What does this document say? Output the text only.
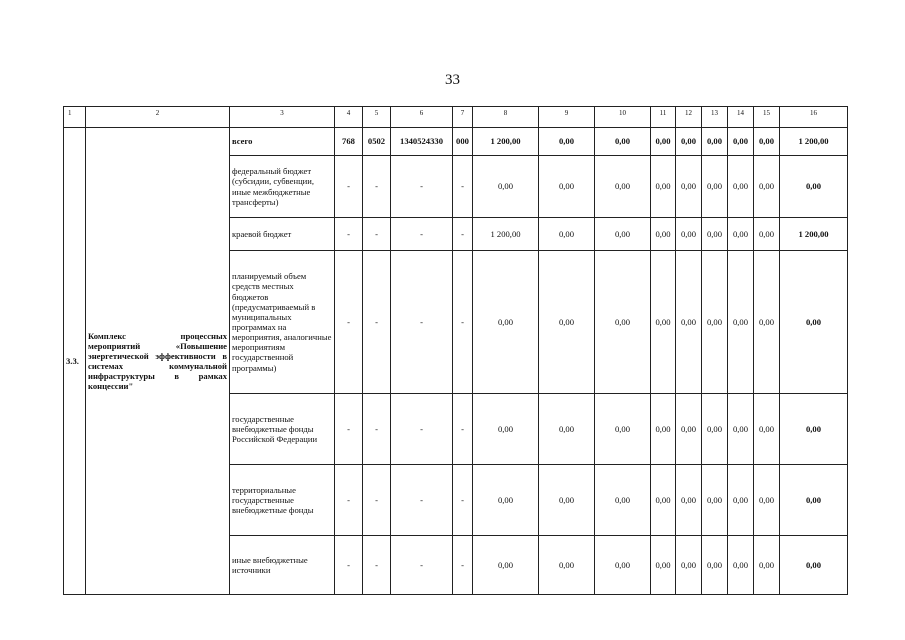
33
1	2	3	4	5	6	7	8	9	10	11	12	13	14	15	16
3.3.	Комплекс процессных мероприятий «Повышение энергетической эффективности в системах коммунальной инфраструктуры в рамках концессии"	всего	768	0502	1340524330	000	1 200,00	0,00	0,00	0,00	0,00	0,00	0,00	0,00	1 200,00
		федеральный бюджет (субсидии, субвенции, иные межбюджетные трансферты)	-	-	-	-	0,00	0,00	0,00	0,00	0,00	0,00	0,00	0,00	0,00
		краевой бюджет	-	-	-	-	1 200,00	0,00	0,00	0,00	0,00	0,00	0,00	0,00	1 200,00
		планируемый объем средств местных бюджетов (предусматриваемый в муниципальных программах на мероприятия, аналогичные мероприятиям государственной программы)	-	-	-	-	0,00	0,00	0,00	0,00	0,00	0,00	0,00	0,00	0,00
		государственные внебюджетные фонды Российской Федерации	-	-	-	-	0,00	0,00	0,00	0,00	0,00	0,00	0,00	0,00	0,00
		территориальные государственные внебюджетные фонды	-	-	-	-	0,00	0,00	0,00	0,00	0,00	0,00	0,00	0,00	0,00
		иные внебюджетные источники	-	-	-	-	0,00	0,00	0,00	0,00	0,00	0,00	0,00	0,00	0,00
